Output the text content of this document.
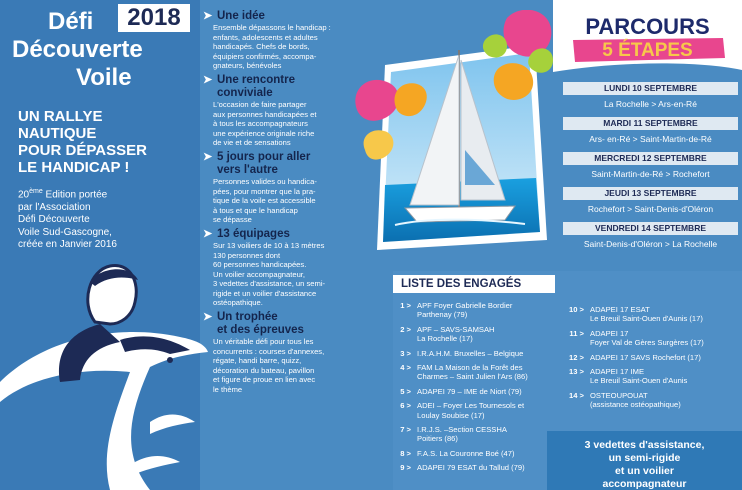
Défi
Découverte
Voile
2018
UN RALLYE
NAUTIQUE
POUR DÉPASSER
LE HANDICAP !
20ème Edition portée
par l'Association
Défi Découverte
Voile Sud-Gascogne,
créée en Janvier 2016
➤ Une idée
Ensemble dépassons le handicap :
enfants, adolescents et adultes
handicapés. Chefs de bords,
équipiers confirmés, accompa-
gnateurs, bénévoles
➤ Une rencontre
conviviale
L'occasion de faire partager
aux personnes handicapées et
à tous les accompagnateurs
une expérience originale riche
de vie et de sensations
➤ 5 jours pour aller
vers l'autre
Personnes valides ou handica-
pées, pour montrer que la pra-
tique de la voile est accessible
à tous et que le handicap
se dépasse
➤ 13 équipages
Sur 13 voiliers de 10 à 13 mètres
130 personnes dont
60 personnes handicapées.
Un voilier accompagnateur,
3 vedettes d'assistance, un semi-
rigide et un voilier d'assistance
ostéopathique.
➤ Un trophée
et des épreuves
Un véritable défi pour tous les
concurrents : courses d'annexes,
régate, handi barre, quizz,
décoration du bateau, pavillon
et figure de proue en lien avec
le thème
PARCOURS
5 ÉTAPES
LUNDI 10 SEPTEMBRE
La Rochelle > Ars-en-Ré
MARDI 11 SEPTEMBRE
Ars- en-Ré > Saint-Martin-de-Ré
MERCREDI 12 SEPTEMBRE
Saint-Martin-de-Ré > Rochefort
JEUDI 13 SEPTEMBRE
Rochefort > Saint-Denis-d'Oléron
VENDREDI 14 SEPTEMBRE
Saint-Denis-d'Oléron > La Rochelle
LISTE DES ENGAGÉS
1 > APF Foyer Gabrielle Bordier
Parthenay (79)
2 > APF – SAVS-SAMSAH
La Rochelle (17)
3 > I.R.A.H.M. Bruxelles – Belgique
4 > FAM La Maison de la Forêt des
Charmes – Saint Julien l'Ars (86)
5 > ADAPEI 79 – IME de Niort (79)
6 > ADEI – Foyer Les Tournesols et
Loulay Soubise (17)
7 > I.R.J.S. –Section CESSHA
Poitiers (86)
8 > F.A.S. La Couronne Boé (47)
9 > ADAPEI 79 ESAT du Tallud (79)
10 > ADAPEI 17 ESAT
Le Breuil Saint-Ouen d'Aunis (17)
11 > ADAPEI 17
Foyer Val de Gères Surgères (17)
12 > ADAPEI 17 SAVS Rochefort (17)
13 > ADAPEI 17 IME
Le Breuil Saint-Ouen d'Aunis
14 > OSTEOUPOUAT
(assistance ostéopathique)
3 vedettes d'assistance,
un semi-rigide
et un voilier
accompagnateur
